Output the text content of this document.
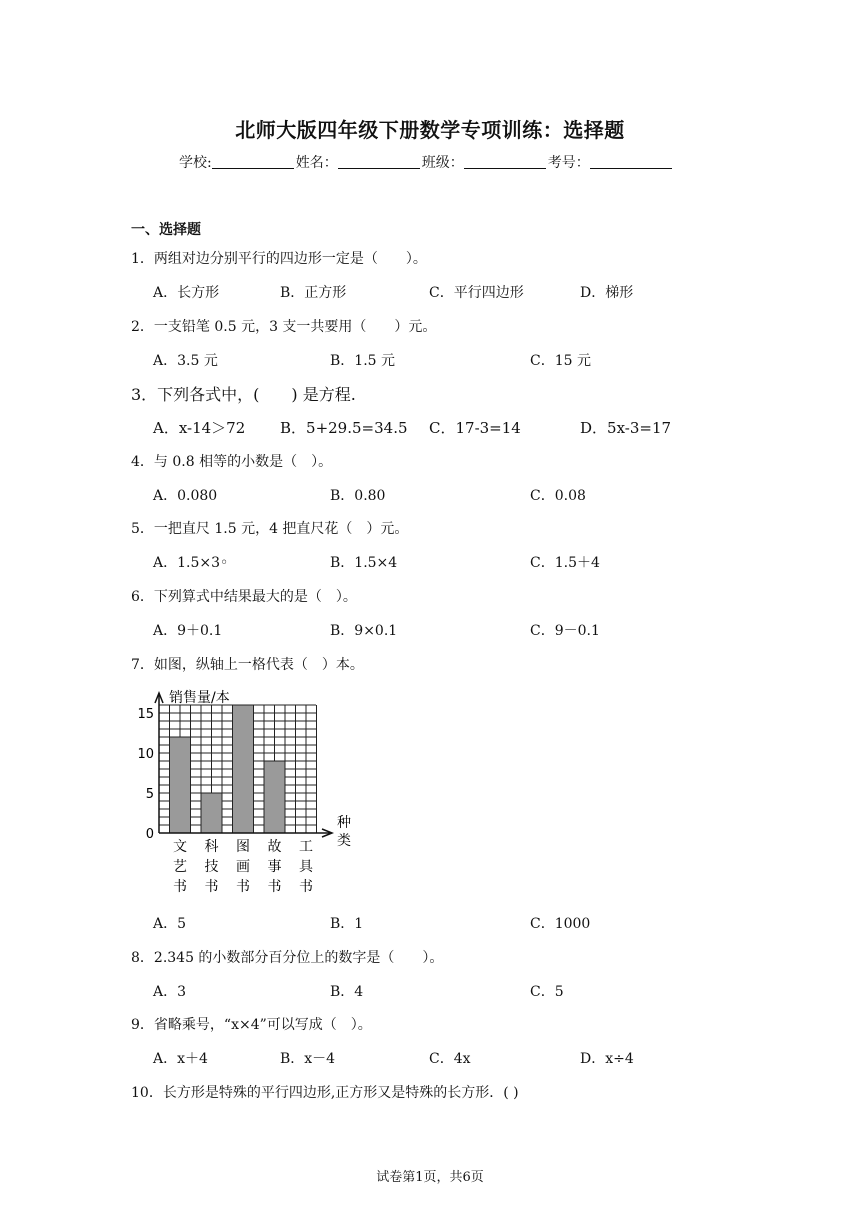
北师大版四年级下册数学专项训练：选择题
学校:	姓名：	班级：	考号：
一、选择题
1．两组对边分别平行的四边形一定是（　　）。
A．长方形	B．正方形	C．平行四边形	D．梯形
2．一支铅笔 0.5 元，3 支一共要用（　　）元。
A．3.5 元	B．1.5 元	C．15 元
3．下列各式中，(　　) 是方程.
A．x-14＞72 B．5+29.5=34.5 C．17-3=14	D．5x-3=17
4．与 0.8 相等的小数是（　）。
A．0.080	B．0.80	C．0.08
5．一把直尺 1.5 元，4 把直尺花（　）元。
A．1.5×3◦	B．1.5×4	C．1.5＋4
6．下列算式中结果最大的是（　）。
A．9＋0.1	B．9×0.1	C．9－0.1
7．如图，纵轴上一格代表（　）本。
0
5
10
15
文艺书
科技书
图画书
故事书
工具书
销售量/本
种类
A．5	B．1	C．1000
8．2.345 的小数部分百分位上的数字是（　　）。
A．3	B．4	C．5
9．省略乘号，“x×4”可以写成（　）。
A．x＋4	B．x－4	C．4x	D．x÷4
10．长方形是特殊的平行四边形,正方形又是特殊的长方形．( )
试卷第1页，共6页
